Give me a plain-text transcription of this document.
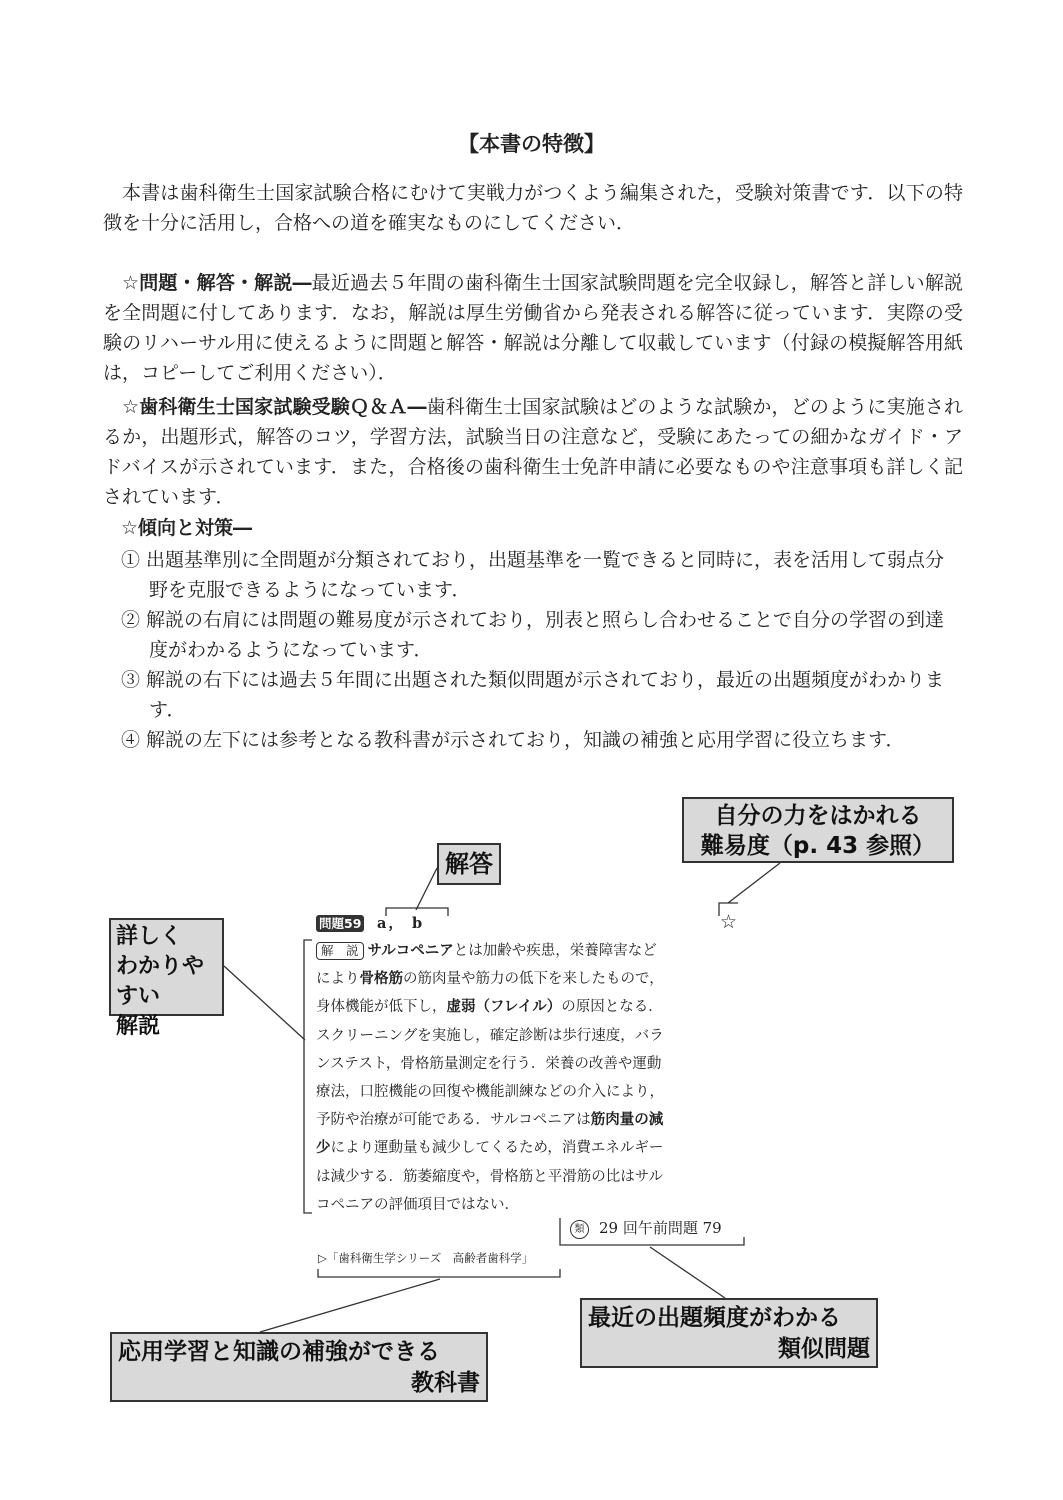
【本書の特徴】
本書は歯科衛生士国家試験合格にむけて実戦力がつくよう編集された，受験対策書です．以下の特徴を十分に活用し，合格への道を確実なものにしてください．
☆問題・解答・解説―最近過去５年間の歯科衛生士国家試験問題を完全収録し，解答と詳しい解説を全問題に付してあります．なお，解説は厚生労働省から発表される解答に従っています．実際の受験のリハーサル用に使えるように問題と解答・解説は分離して収載しています（付録の模擬解答用紙は，コピーしてご利用ください）．
☆歯科衛生士国家試験受験Ｑ＆Ａ―歯科衛生士国家試験はどのような試験か，どのように実施されるか，出題形式，解答のコツ，学習方法，試験当日の注意など，受験にあたっての細かなガイド・アドバイスが示されています．また，合格後の歯科衛生士免許申請に必要なものや注意事項も詳しく記されています．
☆傾向と対策―
① 出題基準別に全問題が分類されており，出題基準を一覧できると同時に，表を活用して弱点分野を克服できるようになっています．
② 解説の右肩には問題の難易度が示されており，別表と照らし合わせることで自分の学習の到達度がわかるようになっています．
③ 解説の右下には過去５年間に出題された類似問題が示されており，最近の出題頻度がわかります．
④ 解説の左下には参考となる教科書が示されており，知識の補強と応用学習に役立ちます．
自分の力をはかれる
難易度（p. 43 参照）
解答
詳しく
わかりやすい
解説
応用学習と知識の補強ができる
教科書
最近の出題頻度がわかる
類似問題
問題59 a， b	☆
解　説 サルコペニアとは加齢や疾患，栄養障害など
により骨格筋の筋肉量や筋力の低下を来したもので，
身体機能が低下し，虚弱（フレイル）の原因となる．
スクリーニングを実施し，確定診断は歩行速度，バラ
ンステスト，骨格筋量測定を行う．栄養の改善や運動
療法，口腔機能の回復や機能訓練などの介入により，
予防や治療が可能である．サルコペニアは筋肉量の減
少により運動量も減少してくるため，消費エネルギー
は減少する．筋萎縮度や，骨格筋と平滑筋の比はサル
コペニアの評価項目ではない．
類 29 回午前問題 79
▷「歯科衛生学シリーズ　高齢者歯科学」
